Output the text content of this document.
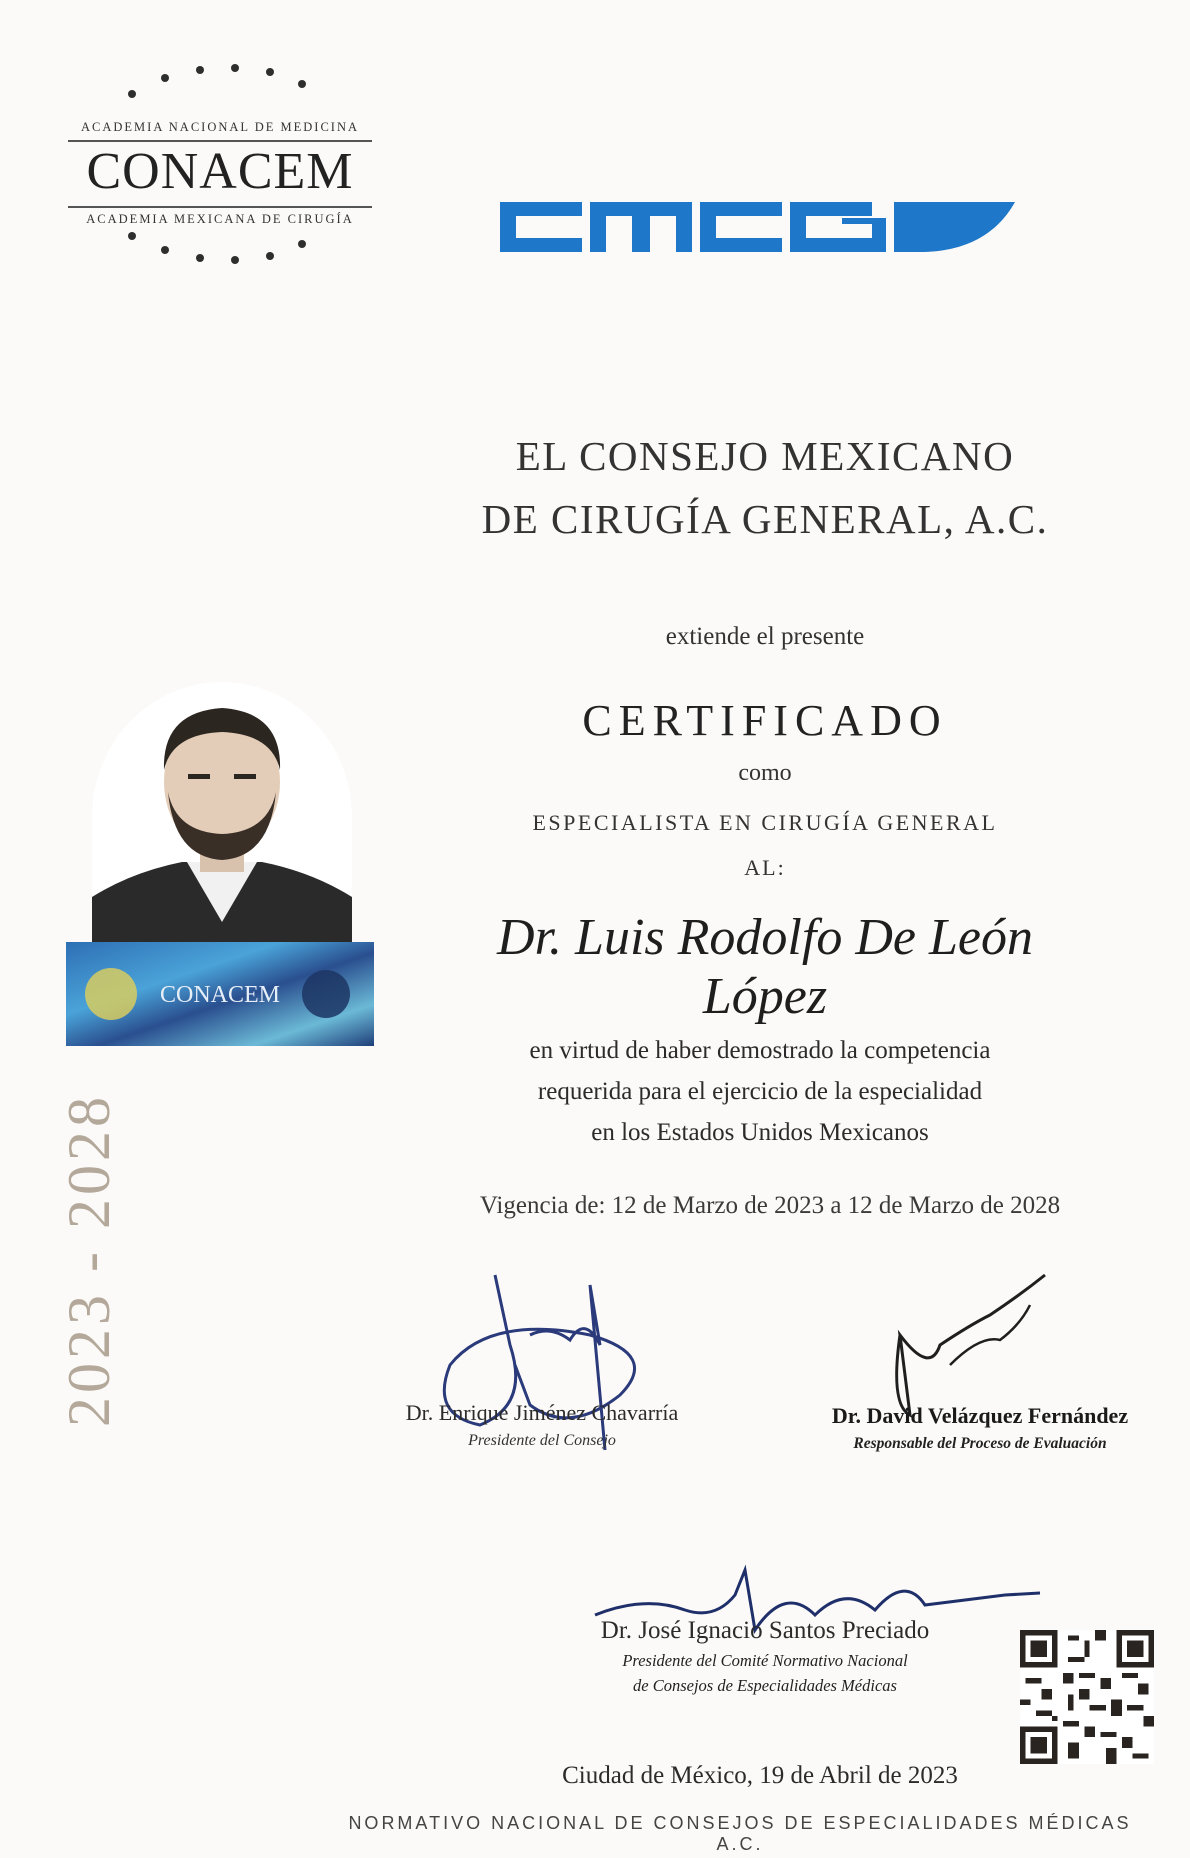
ACADEMIA NACIONAL DE MEDICINA
CONACEM
ACADEMIA MEXICANA DE CIRUGÍA
EL CONSEJO MEXICANO
DE CIRUGÍA GENERAL, A.C.
extiende el presente
CERTIFICADO
como
ESPECIALISTA EN CIRUGÍA GENERAL
AL:
Dr. Luis Rodolfo De León López
en virtud de haber demostrado la competencia
requerida para el ejercicio de la especialidad
en los Estados Unidos Mexicanos
Vigencia de: 12 de Marzo de 2023 a 12 de Marzo de 2028
CONACEM
2023 - 2028	Dr. Enrique Jiménez Chavarría
Presidente del Consejo
Dr. David Velázquez Fernández
Responsable del Proceso de Evaluación
Dr. José Ignacio Santos Preciado
Presidente del Comité Normativo Nacional
de Consejos de Especialidades Médicas
Ciudad de México, 19 de Abril de 2023
NORMATIVO NACIONAL DE CONSEJOS DE ESPECIALIDADES MÉDICAS A.C.
